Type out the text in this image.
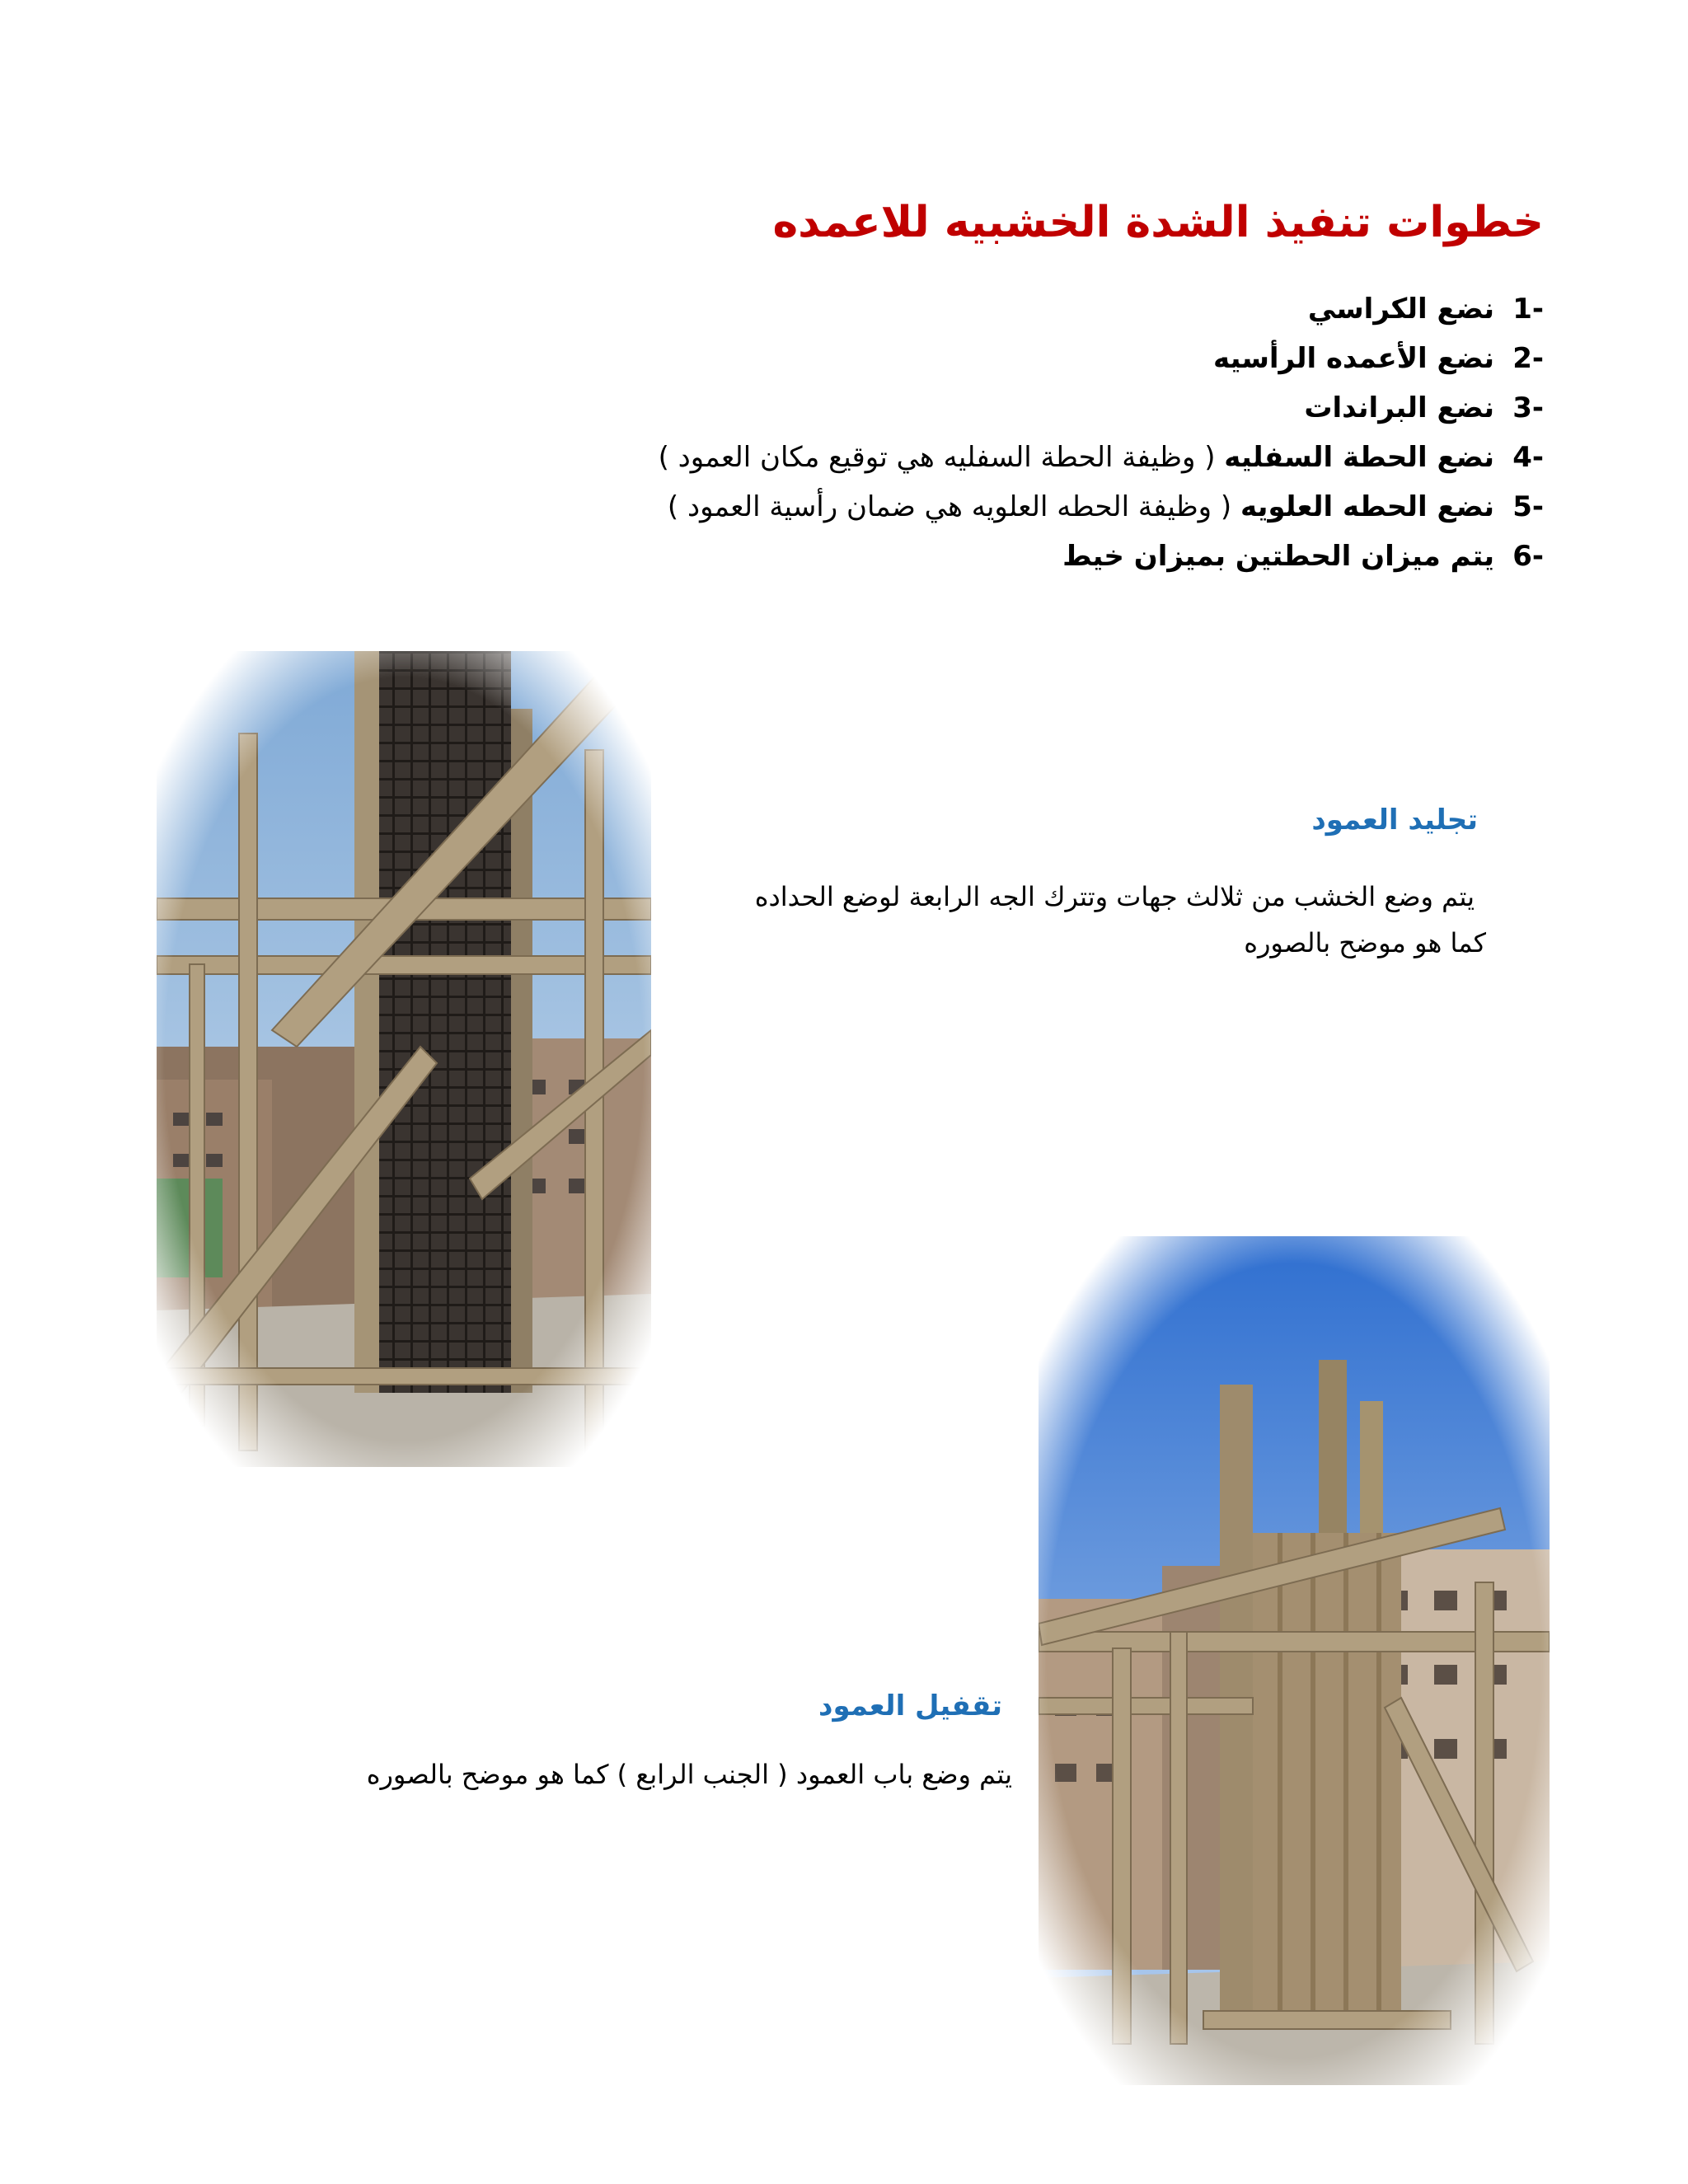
خطوات تنفيذ الشدة الخشبيه للاعمده
-1نضع الكراسي
-2نضع الأعمده الرأسيه
-3نضع البراندات
-4نضع الحطة السفليه ( وظيفة الحطة السفليه هي توقيع مكان العمود )
-5نضع الحطه العلويه ( وظيفة الحطه العلويه هي ضمان رأسية العمود )
-6يتم ميزان الحطتين بميزان خيط
تجليد العمود

يتم وضع الخشب من ثلالث جهات وتترك الجه الرابعة لوضع الحداده كما هو موضح بالصوره

تقفيل العمود

يتم وضع باب العمود ( الجنب الرابع ) كما هو موضح بالصوره
